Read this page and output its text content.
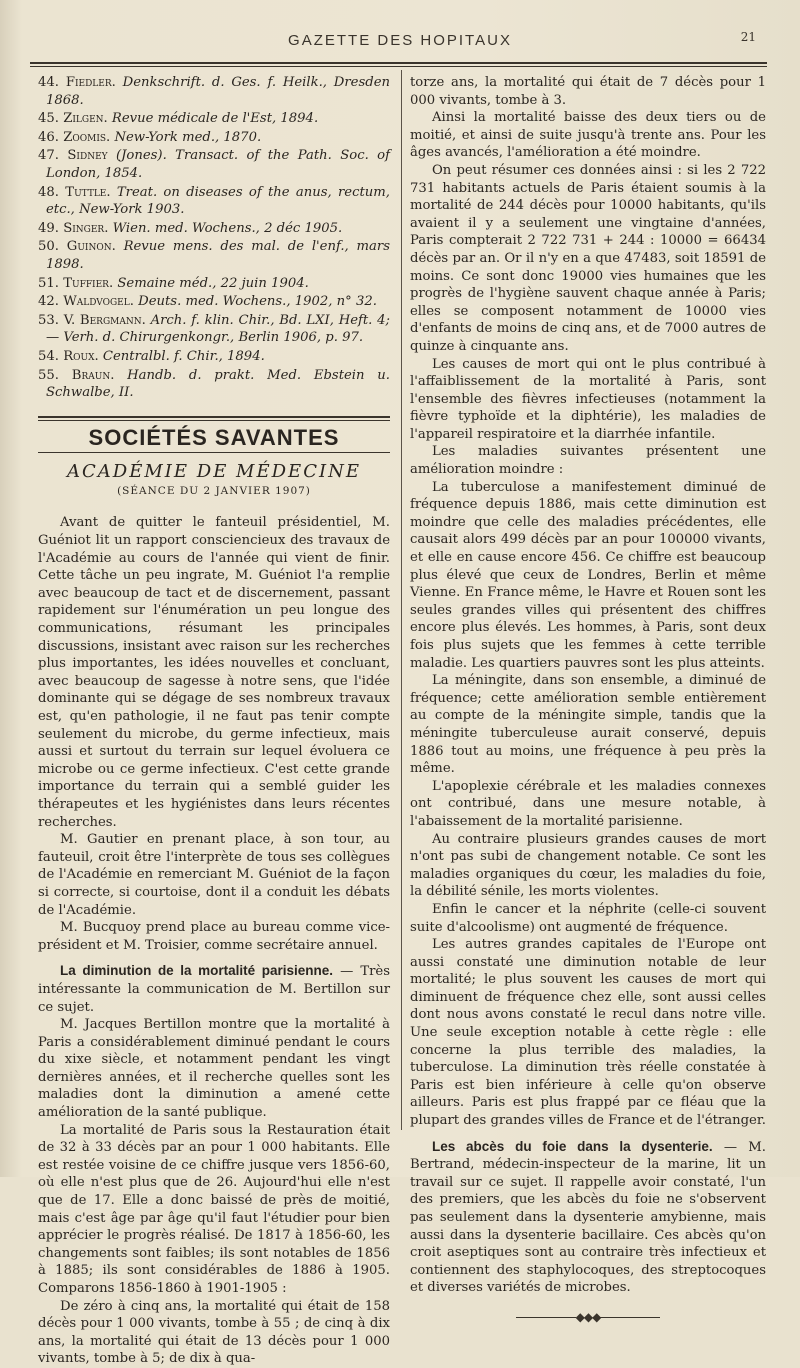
GAZETTE DES HOPITAUX	21
44. Fiedler. Denkschrift. d. Ges. f. Heilk., Dresden 1868.
45. Zilgen. Revue médicale de l'Est, 1894.
46. Zoomis. New-York med., 1870.
47. Sidney (Jones). Transact. of the Path. Soc. of London, 1854.
48. Tuttle. Treat. on diseases of the anus, rectum, etc., New-York 1903.
49. Singer. Wien. med. Wochens., 2 déc 1905.
50. Guinon. Revue mens. des mal. de l'enf., mars 1898.
51. Tuffier. Semaine méd., 22 juin 1904.
42. Waldvogel. Deuts. med. Wochens., 1902, n° 32.
53. V. Bergmann. Arch. f. klin. Chir., Bd. LXI, Heft. 4; — Verh. d. Chirurgenkongr., Berlin 1906, p. 97.
54. Roux. Centralbl. f. Chir., 1894.
55. Braun. Handb. d. prakt. Med. Ebstein u. Schwalbe, II.
SOCIÉTÉS SAVANTES
ACADÉMIE DE MÉDECINE
(SÉANCE DU 2 JANVIER 1907)

Avant de quitter le fanteuil présidentiel, M. Guéniot lit un rapport consciencieux des travaux de l'Académie au cours de l'année qui vient de finir. Cette tâche un peu ingrate, M. Guéniot l'a remplie avec beaucoup de tact et de discernement, passant rapidement sur l'énumération un peu longue des communications, résumant les principales discussions, insistant avec raison sur les recherches plus importantes, les idées nouvelles et concluant, avec beaucoup de sagesse à notre sens, que l'idée dominante qui se dégage de ses nombreux travaux est, qu'en pathologie, il ne faut pas tenir compte seulement du microbe, du germe infectieux, mais aussi et surtout du terrain sur lequel évoluera ce microbe ou ce germe infectieux. C'est cette grande importance du terrain qui a semblé guider les thérapeutes et les hygiénistes dans leurs récentes recherches.

M. Gautier en prenant place, à son tour, au fauteuil, croit être l'interprète de tous ses collègues de l'Académie en remerciant M. Guéniot de la façon si correcte, si courtoise, dont il a conduit les débats de l'Académie.

M. Bucquoy prend place au bureau comme vice-président et M. Troisier, comme secrétaire annuel.

La diminution de la mortalité parisienne. — Très intéressante la communication de M. Bertillon sur ce sujet.

M. Jacques Bertillon montre que la mortalité à Paris a considérablement diminué pendant le cours du xixe siècle, et notamment pendant les vingt dernières années, et il recherche quelles sont les maladies dont la diminution a amené cette amélioration de la santé publique.

La mortalité de Paris sous la Restauration était de 32 à 33 décès par an pour 1 000 habitants. Elle est restée voisine de ce chiffre jusque vers 1856-60, où elle n'est plus que de 26. Aujourd'hui elle n'est que de 17. Elle a donc baissé de près de moitié, mais c'est âge par âge qu'il faut l'étudier pour bien apprécier le progrès réalisé. De 1817 à 1856-60, les changements sont faibles; ils sont notables de 1856 à 1885; ils sont considérables de 1886 à 1905. Comparons 1856-1860 à 1901-1905 :

De zéro à cinq ans, la mortalité qui était de 158 décès pour 1 000 vivants, tombe à 55 ; de cinq à dix ans, la mortalité qui était de 13 décès pour 1 000 vivants, tombe à 5; de dix à qua-

torze ans, la mortalité qui était de 7 décès pour 1 000 vivants, tombe à 3.

Ainsi la mortalité baisse des deux tiers ou de moitié, et ainsi de suite jusqu'à trente ans. Pour les âges avancés, l'amélioration a été moindre.

On peut résumer ces données ainsi : si les 2 722 731 habitants actuels de Paris étaient soumis à la mortalité de 244 décès pour 10000 habitants, qu'ils avaient il y a seulement une vingtaine d'années, Paris compterait 2 722 731 + 244 : 10000 = 66434 décès par an. Or il n'y en a que 47483, soit 18591 de moins. Ce sont donc 19000 vies humaines que les progrès de l'hygiène sauvent chaque année à Paris; elles se composent notamment de 10000 vies d'enfants de moins de cinq ans, et de 7000 autres de quinze à cinquante ans.

Les causes de mort qui ont le plus contribué à l'affaiblissement de la mortalité à Paris, sont l'ensemble des fièvres infectieuses (notamment la fièvre typhoïde et la diphtérie), les maladies de l'appareil respiratoire et la diarrhée infantile.

Les maladies suivantes présentent une amélioration moindre :

La tuberculose a manifestement diminué de fréquence depuis 1886, mais cette diminution est moindre que celle des maladies précédentes, elle causait alors 499 décès par an pour 100000 vivants, et elle en cause encore 456. Ce chiffre est beaucoup plus élevé que ceux de Londres, Berlin et même Vienne. En France même, le Havre et Rouen sont les seules grandes villes qui présentent des chiffres encore plus élevés. Les hommes, à Paris, sont deux fois plus sujets que les femmes à cette terrible maladie. Les quartiers pauvres sont les plus atteints.

La méningite, dans son ensemble, a diminué de fréquence; cette amélioration semble entièrement au compte de la méningite simple, tandis que la méningite tuberculeuse aurait conservé, depuis 1886 tout au moins, une fréquence à peu près la même.

L'apoplexie cérébrale et les maladies connexes ont contribué, dans une mesure notable, à l'abaissement de la mortalité parisienne.

Au contraire plusieurs grandes causes de mort n'ont pas subi de changement notable. Ce sont les maladies organiques du cœur, les maladies du foie, la débilité sénile, les morts violentes.

Enfin le cancer et la néphrite (celle-ci souvent suite d'alcoolisme) ont augmenté de fréquence.

Les autres grandes capitales de l'Europe ont aussi constaté une diminution notable de leur mortalité; le plus souvent les causes de mort qui diminuent de fréquence chez elle, sont aussi celles dont nous avons constaté le recul dans notre ville. Une seule exception notable à cette règle : elle concerne la plus terrible des maladies, la tuberculose. La diminution très réelle constatée à Paris est bien inférieure à celle qu'on observe ailleurs. Paris est plus frappé par ce fléau que la plupart des grandes villes de France et de l'étranger.

Les abcès du foie dans la dysenterie. — M. Bertrand, médecin-inspecteur de la marine, lit un travail sur ce sujet. Il rappelle avoir constaté, l'un des premiers, que les abcès du foie ne s'observent pas seulement dans la dysenterie amybienne, mais aussi dans la dysenterie bacillaire. Ces abcès qu'on croit aseptiques sont au contraire très infectieux et contiennent des staphylocoques, des streptocoques et diverses variétés de microbes.

◆◆◆
